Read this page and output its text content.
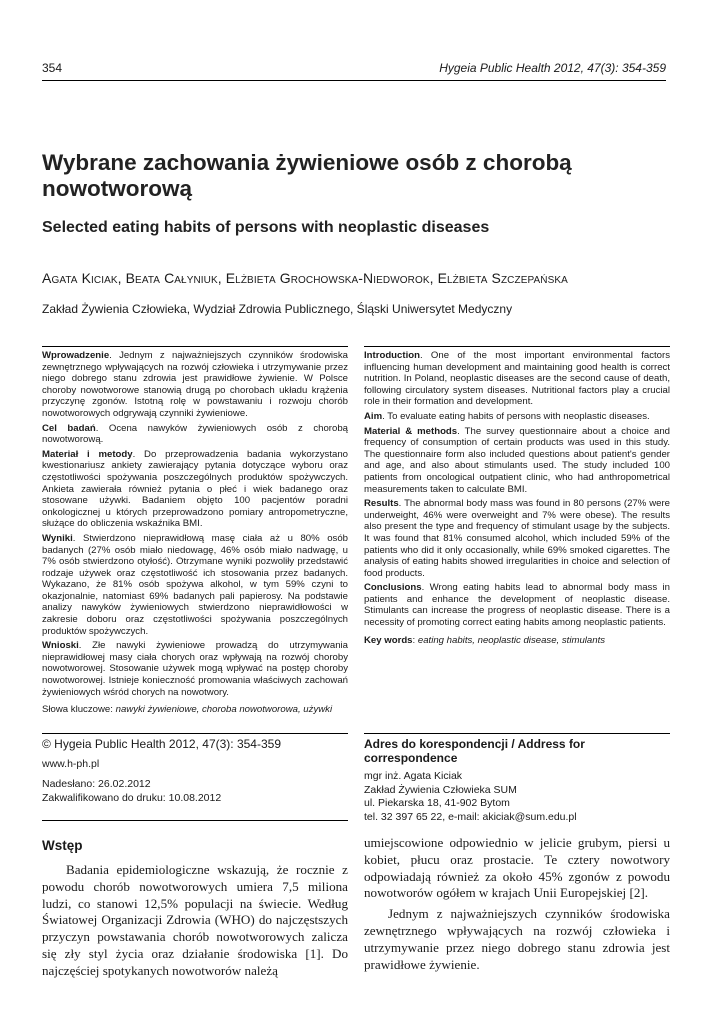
354	Hygeia Public Health 2012, 47(3): 354-359
Wybrane zachowania żywieniowe osób z chorobą nowotworową
Selected eating habits of persons with neoplastic diseases
Agata Kiciak, Beata Całyniuk, Elżbieta Grochowska-Niedworok, Elżbieta Szczepańska
Zakład Żywienia Człowieka, Wydział Zdrowia Publicznego, Śląski Uniwersytet Medyczny

Wprowadzenie. Jednym z najważniejszych czynników środowiska zewnętrznego wpływających na rozwój człowieka i utrzymywanie przez niego dobrego stanu zdrowia jest prawidłowe żywienie. W Polsce choroby nowotworowe stanowią drugą po chorobach układu krążenia przyczynę zgonów. Istotną rolę w powstawaniu i rozwoju chorób nowotworowych odgrywają czynniki żywieniowe.

Cel badań. Ocena nawyków żywieniowych osób z chorobą nowotworową.

Materiał i metody. Do przeprowadzenia badania wykorzystano kwestionariusz ankiety zawierający pytania dotyczące wyboru oraz częstotliwości spożywania poszczególnych produktów spożywczych. Ankieta zawierała również pytania o płeć i wiek badanego oraz stosowane używki. Badaniem objęto 100 pacjentów poradni onkologicznej u których przeprowadzono pomiary antropometryczne, służące do obliczenia wskaźnika BMI.

Wyniki. Stwierdzono nieprawidłową masę ciała aż u 80% osób badanych (27% osób miało niedowagę, 46% osób miało nadwagę, u 7% osób stwierdzono otyłość). Otrzymane wyniki pozwoliły przedstawić rodzaje używek oraz częstotliwość ich stosowania przez badanych. Wykazano, że 81% osób spożywa alkohol, w tym 59% czyni to okazjonalnie, natomiast 69% badanych pali papierosy. Na podstawie analizy nawyków żywieniowych stwierdzono nieprawidłowości w zakresie doboru oraz częstotliwości spożywania poszczególnych produktów spożywczych.

Wnioski. Złe nawyki żywieniowe prowadzą do utrzymywania nieprawidłowej masy ciała chorych oraz wpływają na rozwój choroby nowotworowej. Stosowanie używek mogą wpływać na postęp choroby nowotworowej. Istnieje konieczność promowania właściwych zachowań żywieniowych wśród chorych na nowotwory.

Słowa kluczowe: nawyki żywieniowe, choroba nowotworowa, używki

Introduction. One of the most important environmental factors influencing human development and maintaining good health is correct nutrition. In Poland, neoplastic diseases are the second cause of death, following circulatory system diseases. Nutritional factors play a crucial role in their formation and development.

Aim. To evaluate eating habits of persons with neoplastic diseases.

Material & methods. The survey questionnaire about a choice and frequency of consumption of certain products was used in this study. The questionnaire form also included questions about patient's gender and age, and also about stimulants used. The study included 100 patients from oncological outpatient clinic, who had anthropometrical measurements taken to calculate BMI.

Results. The abnormal body mass was found in 80 persons (27% were underweight, 46% were overweight and 7% were obese). The results also present the type and frequency of stimulant usage by the subjects. It was found that 81% consumed alcohol, which included 59% of the patients who did it only occasionally, while 69% smoked cigarettes. The analysis of eating habits showed irregularities in choice and selection of food products.

Conclusions. Wrong eating habits lead to abnormal body mass in patients and enhance the development of neoplastic disease. Stimulants can increase the progress of neoplastic disease. There is a necessity of promoting correct eating habits among neoplastic patients.

Key words: eating habits, neoplastic disease, stimulants

© Hygeia Public Health 2012, 47(3): 354-359
www.h-ph.pl
Nadesłano: 26.02.2012
Zakwalifikowano do druku: 10.08.2012
Adres do korespondencji / Address for correspondence
mgr inż. Agata Kiciak
Zakład Żywienia Człowieka SUM
ul. Piekarska 18, 41-902 Bytom
tel. 32 397 65 22, e-mail: akiciak@sum.edu.pl
Wstęp
Badania epidemiologiczne wskazują, że rocznie z powodu chorób nowotworowych umiera 7,5 miliona ludzi, co stanowi 12,5% populacji na świecie. Według Światowej Organizacji Zdrowia (WHO) do najczęstszych przyczyn powstawania chorób nowotworowych zalicza się zły styl życia oraz działanie środowiska [1]. Do najczęściej spotykanych nowotworów należą

umiejscowione odpowiednio w jelicie grubym, piersi u kobiet, płucu oraz prostacie. Te cztery nowotwory odpowiadają również za około 45% zgonów z powodu nowotworów ogółem w krajach Unii Europejskiej [2].

Jednym z najważniejszych czynników środowiska zewnętrznego wpływających na rozwój człowieka i utrzymywanie przez niego dobrego stanu zdrowia jest prawidłowe żywienie.
